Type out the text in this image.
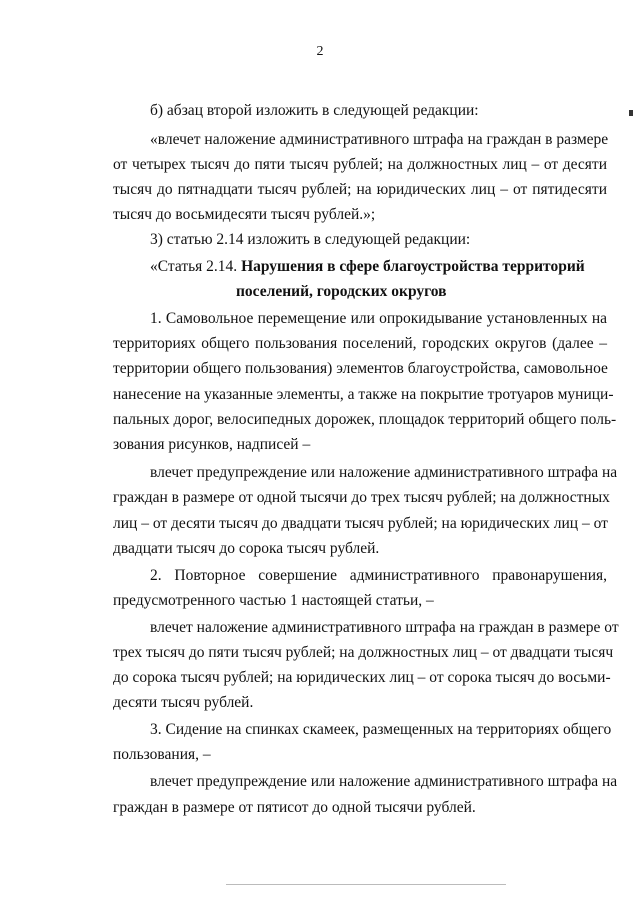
2
б) абзац второй изложить в следующей редакции:
«влечет наложение административного штрафа на граждан в размере
от четырех тысяч до пяти тысяч рублей; на должностных лиц – от десяти
тысяч до пятнадцати тысяч рублей; на юридических лиц – от пятидесяти
тысяч до восьмидесяти тысяч рублей.»;
3) статью 2.14 изложить в следующей редакции:
«Статья 2.14. Нарушения в сфере благоустройства территорий
поселений, городских округов
1. Самовольное перемещение или опрокидывание установленных на
территориях общего пользования поселений, городских округов (далее –
территории общего пользования) элементов благоустройства, самовольное
нанесение на указанные элементы, а также на покрытие тротуаров муници-
пальных дорог, велосипедных дорожек, площадок территорий общего поль-
зования рисунков, надписей –
влечет предупреждение или наложение административного штрафа на
граждан в размере от одной тысячи до трех тысяч рублей; на должностных
лиц – от десяти тысяч до двадцати тысяч рублей; на юридических лиц – от
двадцати тысяч до сорока тысяч рублей.
2. Повторное совершение административного правонарушения,
предусмотренного частью 1 настоящей статьи, –
влечет наложение административного штрафа на граждан в размере от
трех тысяч до пяти тысяч рублей; на должностных лиц – от двадцати тысяч
до сорока тысяч рублей; на юридических лиц – от сорока тысяч до восьми-
десяти тысяч рублей.
3. Сидение на спинках скамеек, размещенных на территориях общего
пользования, –
влечет предупреждение или наложение административного штрафа на
граждан в размере от пятисот до одной тысячи рублей.
